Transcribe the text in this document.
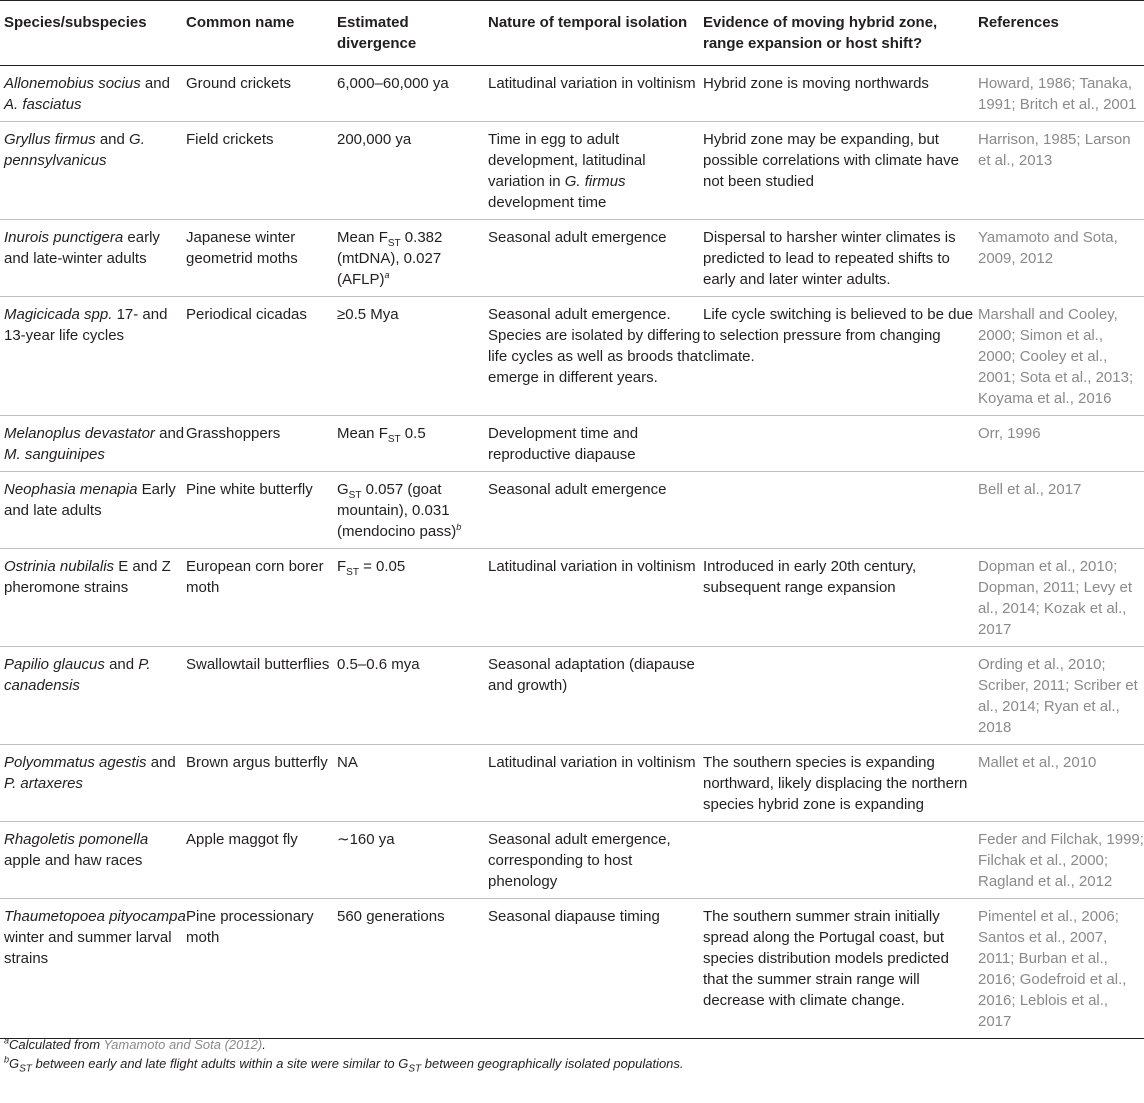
Species/subspecies	Common name	Estimated divergence	Nature of temporal isolation	Evidence of moving hybrid zone, range expansion or host shift?	References
Allonemobius socius and A. fasciatus	Ground crickets	6,000–60,000 ya	Latitudinal variation in voltinism	Hybrid zone is moving northwards	Howard, 1986; Tanaka, 1991; Britch et al., 2001
Gryllus firmus and G. pennsylvanicus	Field crickets	200,000 ya	Time in egg to adult development, latitudinal variation in G. firmus development time	Hybrid zone may be expanding, but possible correlations with climate have not been studied	Harrison, 1985; Larson et al., 2013
Inurois punctigera early and late-winter adults	Japanese winter geometrid moths	Mean $F_{ST}$ 0.382 (mtDNA), 0.027 (AFLP)$^a$	Seasonal adult emergence	Dispersal to harsher winter climates is predicted to lead to repeated shifts to early and later winter adults.	Yamamoto and Sota, 2009, 2012
Magicicada spp. 17- and 13-year life cycles	Periodical cicadas	≥0.5 Mya	Seasonal adult emergence. Species are isolated by differing life cycles as well as broods that emerge in different years.	Life cycle switching is believed to be due to selection pressure from changing climate.	Marshall and Cooley, 2000; Simon et al., 2000; Cooley et al., 2001; Sota et al., 2013; Koyama et al., 2016
Melanoplus devastator and M. sanguinipes	Grasshoppers	Mean $F_{ST}$ 0.5	Development time and reproductive diapause		Orr, 1996
Neophasia menapia Early and late adults	Pine white butterfly	$G_{ST}$ 0.057 (goat mountain), 0.031 (mendocino pass)$^b$	Seasonal adult emergence		Bell et al., 2017
Ostrinia nubilalis E and Z pheromone strains	European corn borer moth	$F_{ST} = 0.05$	Latitudinal variation in voltinism	Introduced in early 20th century, subsequent range expansion	Dopman et al., 2010; Dopman, 2011; Levy et al., 2014; Kozak et al., 2017
Papilio glaucus and P. canadensis	Swallowtail butterflies	0.5–0.6 mya	Seasonal adaptation (diapause and growth)		Ording et al., 2010; Scriber, 2011; Scriber et al., 2014; Ryan et al., 2018
Polyommatus agestis and P. artaxeres	Brown argus butterfly	NA	Latitudinal variation in voltinism	The southern species is expanding northward, likely displacing the northern species hybrid zone is expanding	Mallet et al., 2010
Rhagoletis pomonella apple and haw races	Apple maggot fly	∼160 ya	Seasonal adult emergence, corresponding to host phenology		Feder and Filchak, 1999; Filchak et al., 2000; Ragland et al., 2012
Thaumetopoea pityocampa winter and summer larval strains	Pine processionary moth	560 generations	Seasonal diapause timing	The southern summer strain initially spread along the Portugal coast, but species distribution models predicted that the summer strain range will decrease with climate change.	Pimentel et al., 2006; Santos et al., 2007, 2011; Burban et al., 2016; Godefroid et al., 2016; Leblois et al., 2017
$^a$Calculated from Yamamoto and Sota (2012).
$^bG_{ST}$ between early and late flight adults within a site were similar to $G_{ST}$ between geographically isolated populations.
